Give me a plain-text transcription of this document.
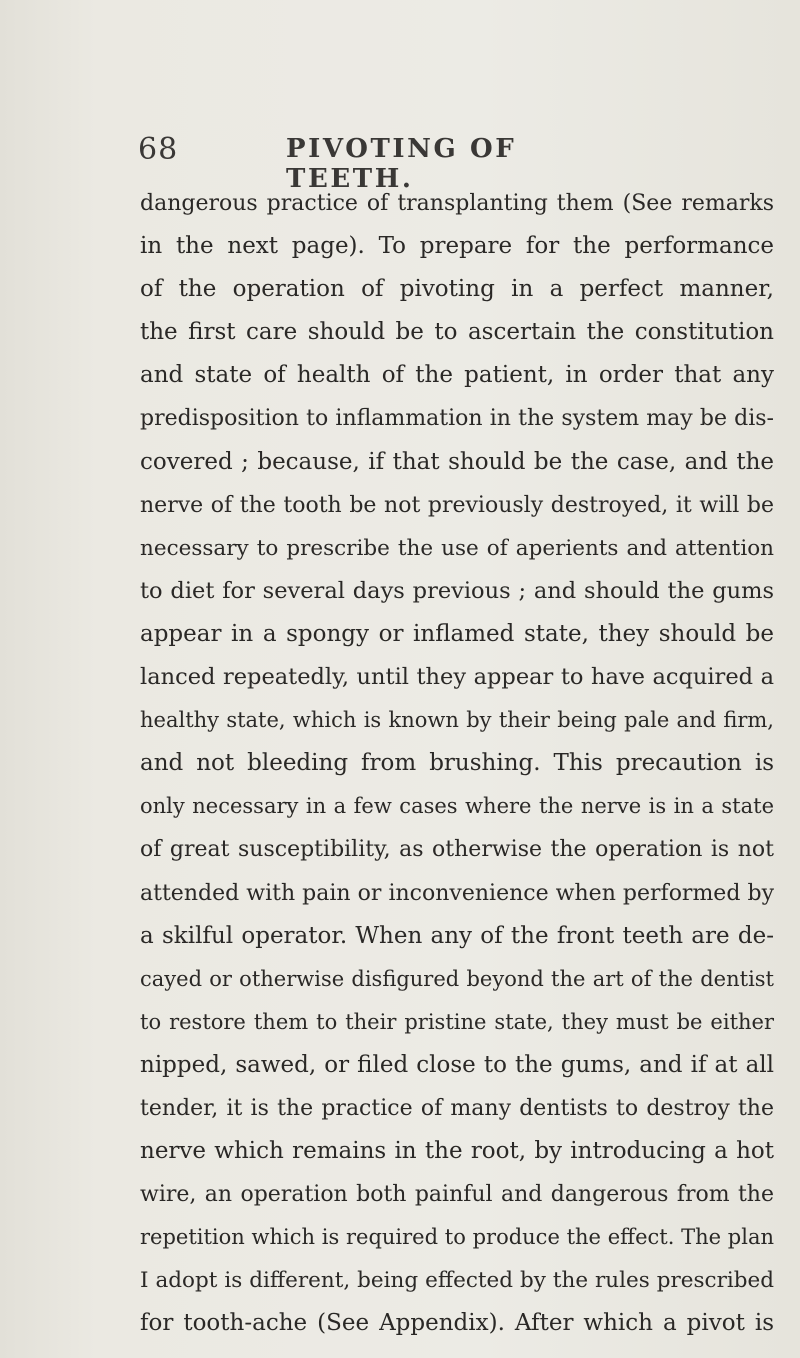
68	PIVOTING OF TEETH.
dangerous practice of transplanting them (See remarks
in the next page). To prepare for the performance
of the operation of pivoting in a perfect manner,
the first care should be to ascertain the constitution
and state of health of the patient, in order that any
predisposition to inflammation in the system may be dis-
covered ; because, if that should be the case, and the
nerve of the tooth be not previously destroyed, it will be
necessary to prescribe the use of aperients and attention
to diet for several days previous ; and should the gums
appear in a spongy or inflamed state, they should be
lanced repeatedly, until they appear to have acquired a
healthy state, which is known by their being pale and firm,
and not bleeding from brushing. This precaution is
only necessary in a few cases where the nerve is in a state
of great susceptibility, as otherwise the operation is not
attended with pain or inconvenience when performed by
a skilful operator. When any of the front teeth are de-
cayed or otherwise disfigured beyond the art of the dentist
to restore them to their pristine state, they must be either
nipped, sawed, or filed close to the gums, and if at all
tender, it is the practice of many dentists to destroy the
nerve which remains in the root, by introducing a hot
wire, an operation both painful and dangerous from the
repetition which is required to produce the effect. The plan
I adopt is different, being effected by the rules prescribed
for tooth-ache (See Appendix). After which a pivot is
